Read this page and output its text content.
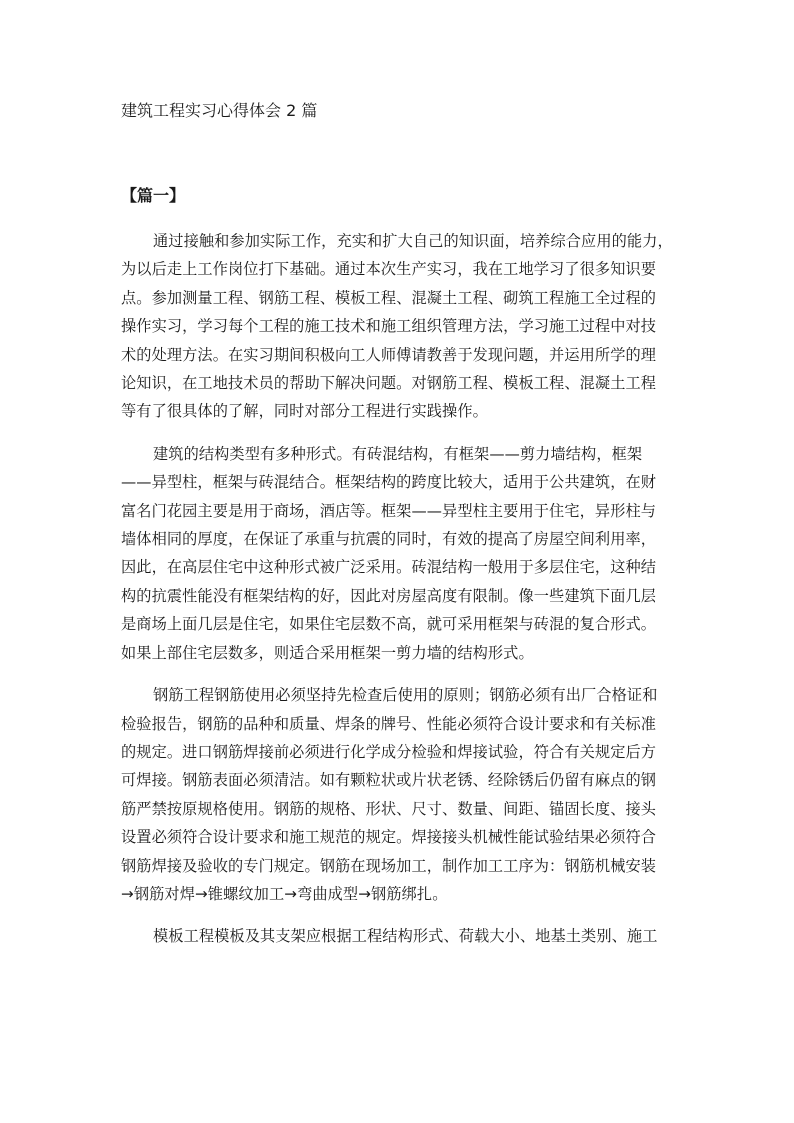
建筑工程实习心得体会 2 篇
【篇一】

通过接触和参加实际工作，充实和扩大自己的知识面，培养综合应用的能力，
为以后走上工作岗位打下基础。通过本次生产实习，我在工地学习了很多知识要
点。参加测量工程、钢筋工程、模板工程、混凝土工程、砌筑工程施工全过程的
操作实习，学习每个工程的施工技术和施工组织管理方法，学习施工过程中对技
术的处理方法。在实习期间积极向工人师傅请教善于发现问题，并运用所学的理
论知识，在工地技术员的帮助下解决问题。对钢筋工程、模板工程、混凝土工程
等有了很具体的了解，同时对部分工程进行实践操作。

建筑的结构类型有多种形式。有砖混结构，有框架——剪力墙结构，框架
——异型柱，框架与砖混结合。框架结构的跨度比较大，适用于公共建筑，在财
富名门花园主要是用于商场，酒店等。框架——异型柱主要用于住宅，异形柱与
墙体相同的厚度，在保证了承重与抗震的同时，有效的提高了房屋空间利用率，
因此，在高层住宅中这种形式被广泛采用。砖混结构一般用于多层住宅，这种结
构的抗震性能没有框架结构的好，因此对房屋高度有限制。像一些建筑下面几层
是商场上面几层是住宅，如果住宅层数不高，就可采用框架与砖混的复合形式。
如果上部住宅层数多，则适合采用框架一剪力墙的结构形式。

钢筋工程钢筋使用必须坚持先检查后使用的原则；钢筋必须有出厂合格证和
检验报告，钢筋的品种和质量、焊条的牌号、性能必须符合设计要求和有关标准
的规定。进口钢筋焊接前必须进行化学成分检验和焊接试验，符合有关规定后方
可焊接。钢筋表面必须清洁。如有颗粒状或片状老锈、经除锈后仍留有麻点的钢
筋严禁按原规格使用。钢筋的规格、形状、尺寸、数量、间距、锚固长度、接头
设置必须符合设计要求和施工规范的规定。焊接接头机械性能试验结果必须符合
钢筋焊接及验收的专门规定。钢筋在现场加工，制作加工工序为：钢筋机械安装
→钢筋对焊→锥螺纹加工→弯曲成型→钢筋绑扎。

模板工程模板及其支架应根据工程结构形式、荷载大小、地基土类别、施工
